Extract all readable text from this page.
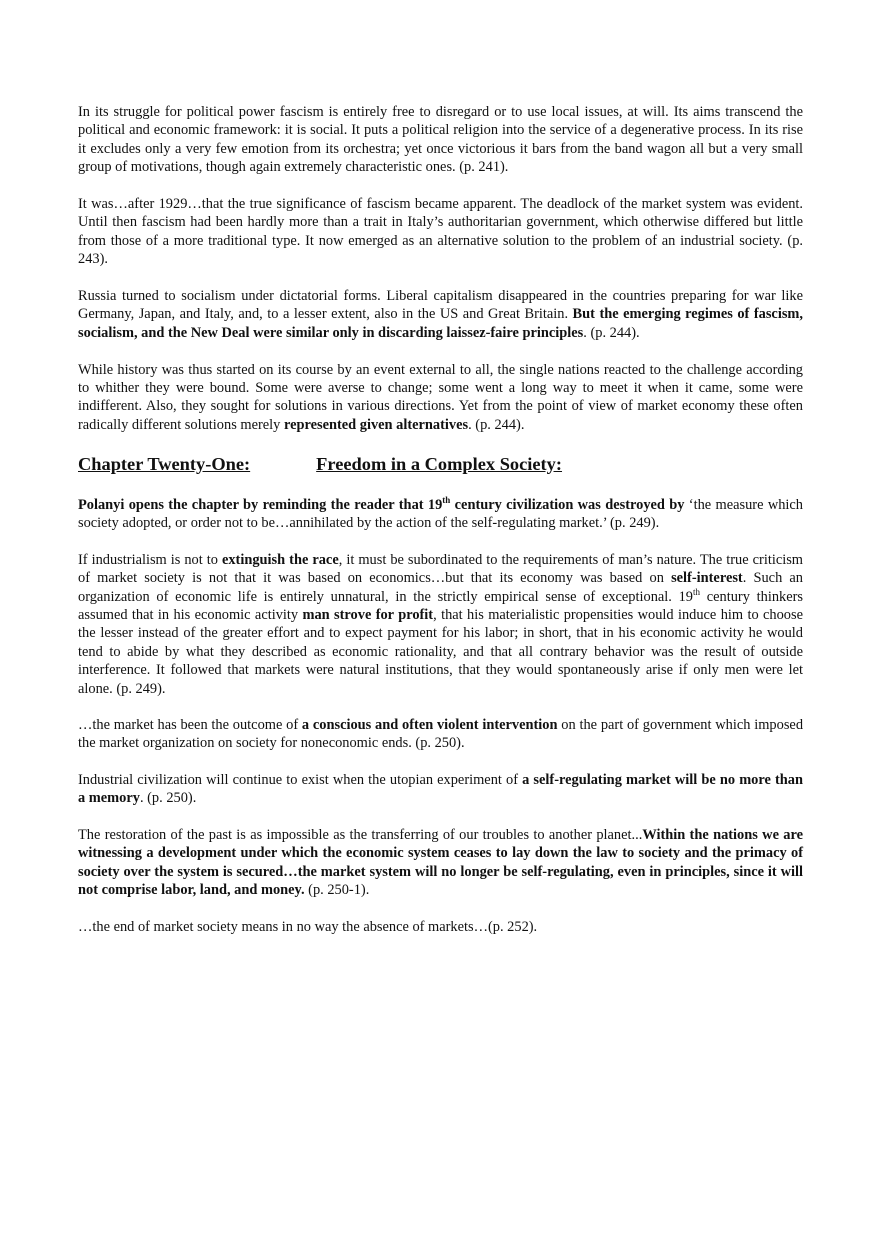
In its struggle for political power fascism is entirely free to disregard or to use local issues, at will. Its aims transcend the political and economic framework: it is social. It puts a political religion into the service of a degenerative process. In its rise it excludes only a very few emotion from its orchestra; yet once victorious it bars from the band wagon all but a very small group of motivations, though again extremely characteristic ones. (p. 241).

It was…after 1929…that the true significance of fascism became apparent. The deadlock of the market system was evident. Until then fascism had been hardly more than a trait in Italy’s authoritarian government, which otherwise differed but little from those of a more traditional type. It now emerged as an alternative solution to the problem of an industrial society. (p. 243).

Russia turned to socialism under dictatorial forms. Liberal capitalism disappeared in the countries preparing for war like Germany, Japan, and Italy, and, to a lesser extent, also in the US and Great Britain. But the emerging regimes of fascism, socialism, and the New Deal were similar only in discarding laissez-faire principles. (p. 244).

While history was thus started on its course by an event external to all, the single nations reacted to the challenge according to whither they were bound. Some were averse to change; some went a long way to meet it when it came, some were indifferent. Also, they sought for solutions in various directions. Yet from the point of view of market economy these often radically different solutions merely represented given alternatives. (p. 244).

Chapter Twenty-One:	Freedom in a Complex Society:

Polanyi opens the chapter by reminding the reader that 19th century civilization was destroyed by ‘the measure which society adopted, or order not to be…annihilated by the action of the self-regulating market.’ (p. 249).

If industrialism is not to extinguish the race, it must be subordinated to the requirements of man’s nature. The true criticism of market society is not that it was based on economics…but that its economy was based on self-interest. Such an organization of economic life is entirely unnatural, in the strictly empirical sense of exceptional. 19th century thinkers assumed that in his economic activity man strove for profit, that his materialistic propensities would induce him to choose the lesser instead of the greater effort and to expect payment for his labor; in short, that in his economic activity he would tend to abide by what they described as economic rationality, and that all contrary behavior was the result of outside interference. It followed that markets were natural institutions, that they would spontaneously arise if only men were let alone. (p. 249).

…the market has been the outcome of a conscious and often violent intervention on the part of government which imposed the market organization on society for noneconomic ends. (p. 250).

Industrial civilization will continue to exist when the utopian experiment of a self-regulating market will be no more than a memory. (p. 250).

The restoration of the past is as impossible as the transferring of our troubles to another planet...Within the nations we are witnessing a development under which the economic system ceases to lay down the law to society and the primacy of society over the system is secured…the market system will no longer be self-regulating, even in principles, since it will not comprise labor, land, and money. (p. 250-1).

…the end of market society means in no way the absence of markets…(p. 252).
